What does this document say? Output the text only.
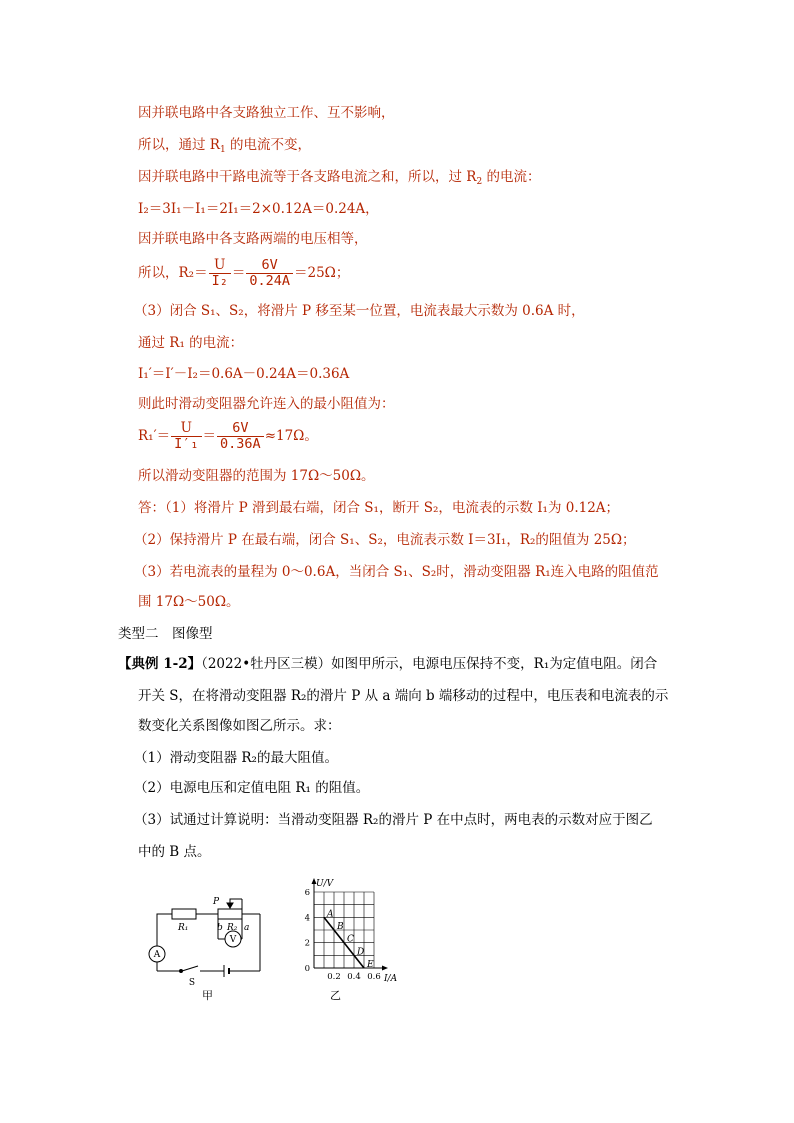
因并联电路中各支路独立工作、互不影响，
所以，通过 $R_1$ 的电流不变，
因并联电路中干路电流等于各支路电流之和，所以，过 $R_2$ 的电流：
I₂＝3I₁－I₁＝2I₁＝2×0.12A＝0.24A，
因并联电路中各支路两端的电压相等，
所以，$R_2= \frac{U}{\text{I₂}} = \frac{6V}{0.24A} =25\Omega$；
（3）闭合 S₁、S₂，将滑片 P 移至某一位置，电流表最大示数为 0.6A 时，
通过 R₁ 的电流：
I₁′＝I′－I₂＝0.6A－0.24A＝0.36A
则此时滑动变阻器允许连入的最小阻值为：
$R_1'= \frac{U}{\text{I′₁}} = \frac{6V}{0.36A} \approx 17\Omega$。
所以滑动变阻器的范围为 17Ω～50Ω。
答：（1）将滑片 P 滑到最右端，闭合 S₁，断开 S₂，电流表的示数 I₁为 0.12A；
（2）保持滑片 P 在最右端，闭合 S₁、S₂，电流表示数 I＝3I₁，R₂的阻值为 25Ω；
（3）若电流表的量程为 0～0.6A，当闭合 S₁、S₂时，滑动变阻器 R₁连入电路的阻值范
围 17Ω～50Ω。
类型二　图像型
【典例 1-2】（2022•牡丹区三模）如图甲所示，电源电压保持不变，R₁为定值电阻。闭合
开关 S，在将滑动变阻器 R₂的滑片 P 从 a 端向 b 端移动的过程中，电压表和电流表的示
数变化关系图像如图乙所示。求：
（1）滑动变阻器 R₂的最大阻值。
（2）电源电压和定值电阻 R₁ 的阻值。
（3）试通过计算说明：当滑动变阻器 R₂的滑片 P 在中点时，两电表的示数对应于图乙
中的 B 点。
R₁	R₂
P
b a
A
V
S
甲
A
B
C
D
E
0.2 0.4 0.6
0
2
4
6
U/V
I/A
乙
